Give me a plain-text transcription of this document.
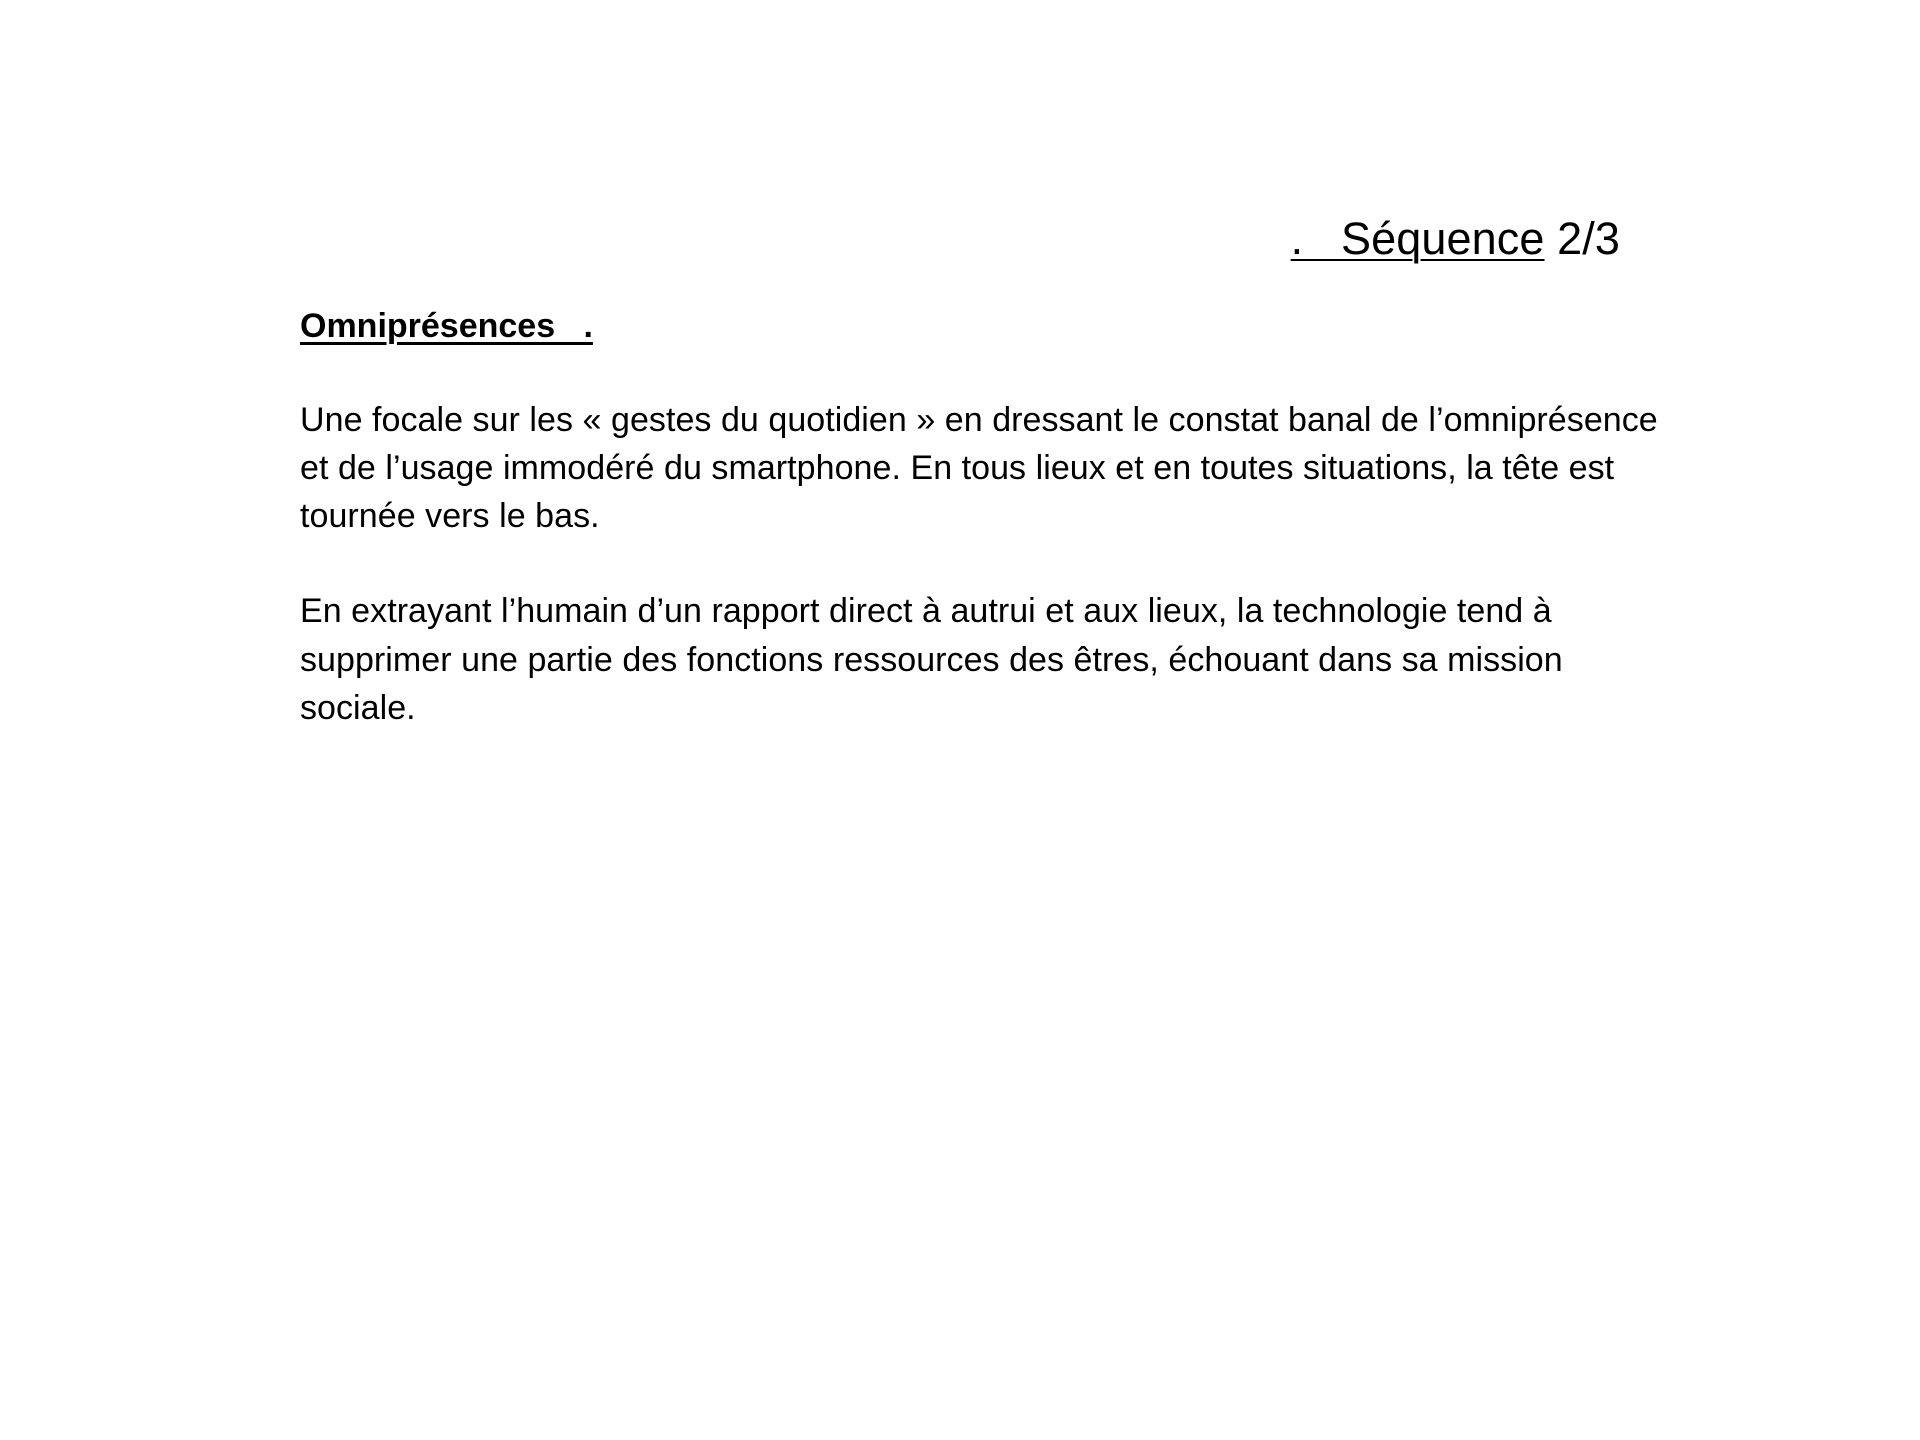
.   Séquence 2/3
Omniprésences   .

Une focale sur les « gestes du quotidien » en dressant le constat banal de l’omniprésence et de l’usage immodéré du smartphone. En tous lieux et en toutes situations, la tête est tournée vers le bas.

En extrayant l’humain d’un rapport direct à autrui et aux lieux, la technologie tend à supprimer une partie des fonctions ressources des êtres, échouant dans sa mission sociale.
